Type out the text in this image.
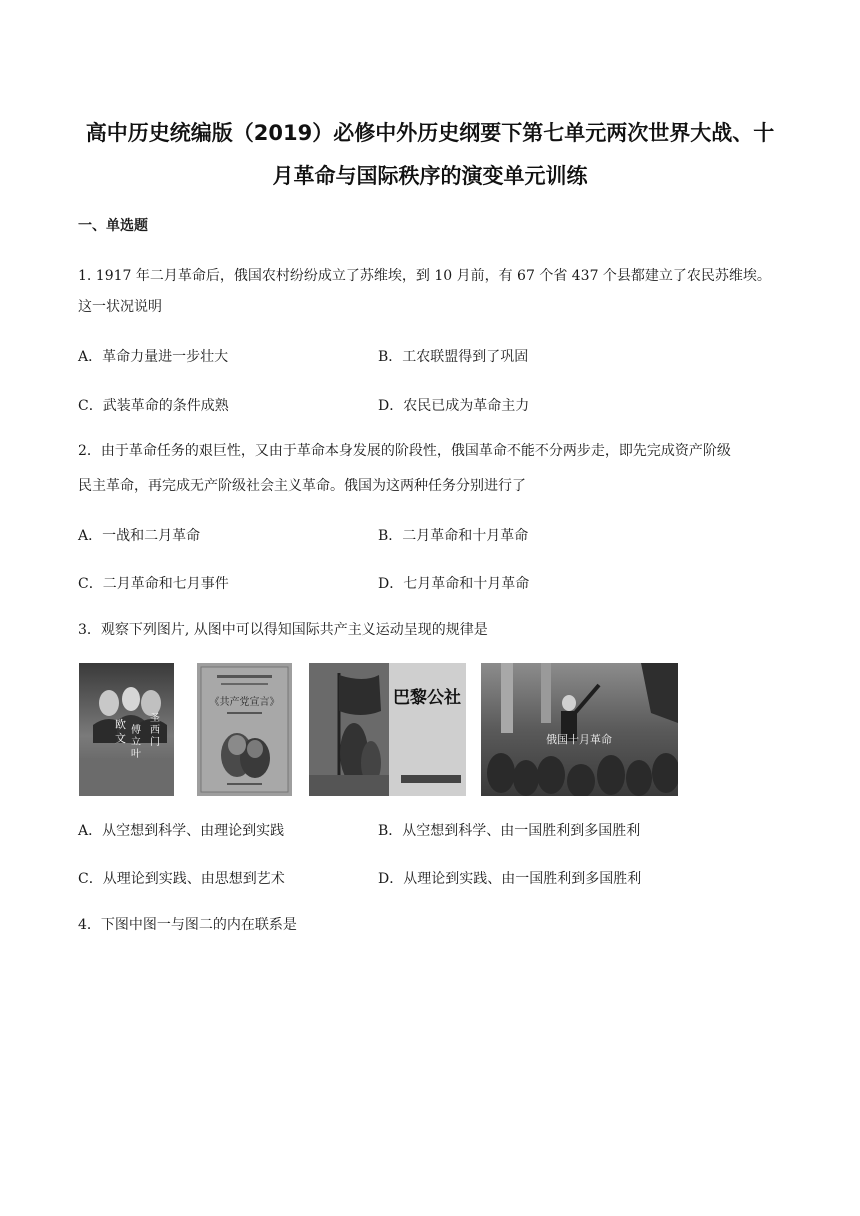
高中历史统编版（2019）必修中外历史纲要下第七单元两次世界大战、十
月革命与国际秩序的演变单元训练
一、单选题
1. 1917 年二月革命后，俄国农村纷纷成立了苏维埃，到 10 月前，有 67 个省 437 个县都建立了农民苏维埃。
这一状况说明
A．革命力量进一步壮大	B．工农联盟得到了巩固
C．武装革命的条件成熟	D．农民已成为革命主力
2．由于革命任务的艰巨性，又由于革命本身发展的阶段性，俄国革命不能不分两步走，即先完成资产阶级
民主革命，再完成无产阶级社会主义革命。俄国为这两种任务分别进行了
A．一战和二月革命	B．二月革命和十月革命
C．二月革命和七月事件	D．七月革命和十月革命
3．观察下列图片, 从图中可以得知国际共产主义运动呈现的规律是
欧
文
傅
立
叶
圣
西
门
《共产党宣言》	巴黎公社
俄国十月革命
A．从空想到科学、由理论到实践	B．从空想到科学、由一国胜利到多国胜利
C．从理论到实践、由思想到艺术	D．从理论到实践、由一国胜利到多国胜利
4．下图中图一与图二的内在联系是
